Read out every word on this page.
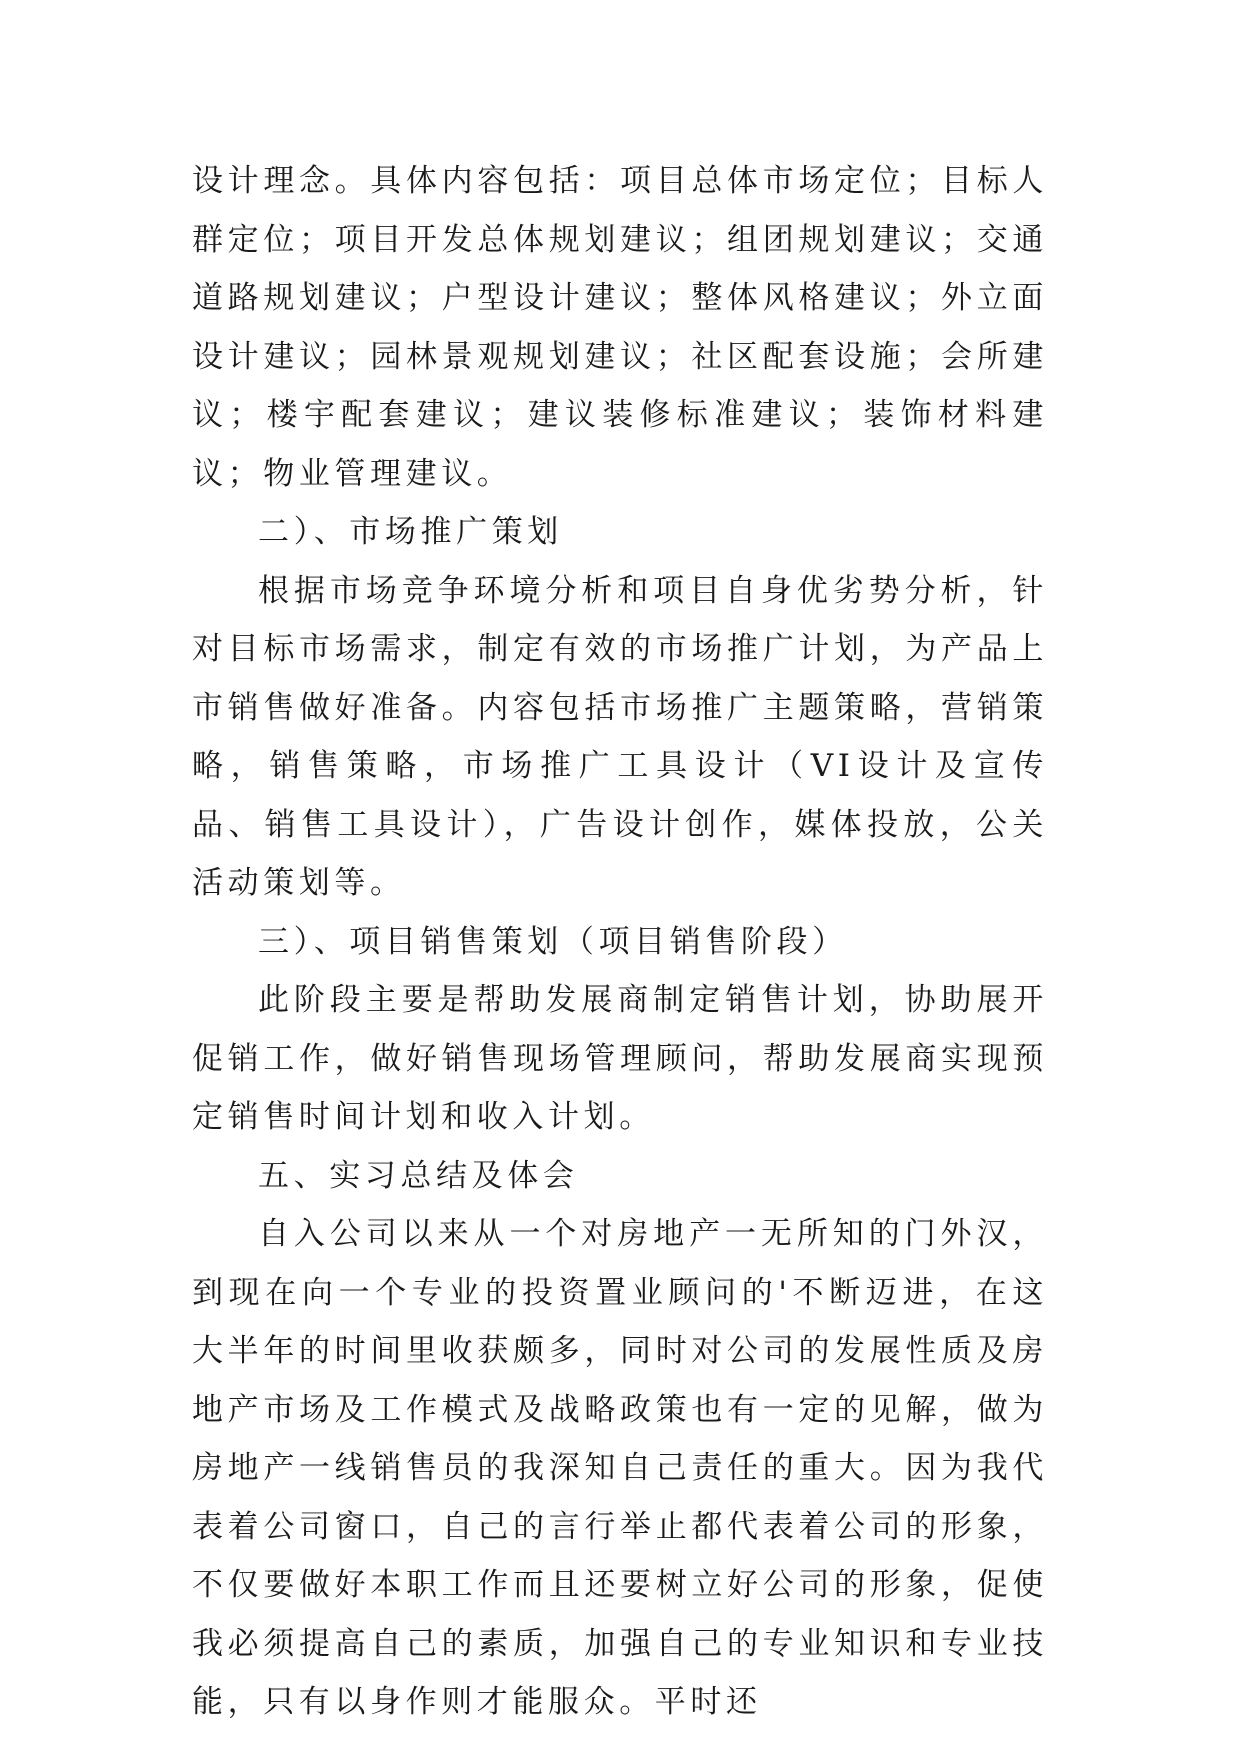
设计理念。具体内容包括：项目总体市场定位；目标人群定位；项目开发总体规划建议；组团规划建议；交通道路规划建议；户型设计建议；整体风格建议；外立面设计建议；园林景观规划建议；社区配套设施；会所建议；楼宇配套建议；建议装修标准建议；装饰材料建议；物业管理建议。

二）、市场推广策划

根据市场竞争环境分析和项目自身优劣势分析，针对目标市场需求，制定有效的市场推广计划，为产品上市销售做好准备。内容包括市场推广主题策略，营销策略，销售策略，市场推广工具设计（VI设计及宣传品、销售工具设计），广告设计创作，媒体投放，公关活动策划等。

三）、项目销售策划（项目销售阶段）

此阶段主要是帮助发展商制定销售计划，协助展开促销工作，做好销售现场管理顾问，帮助发展商实现预定销售时间计划和收入计划。

五、实习总结及体会

自入公司以来从一个对房地产一无所知的门外汉，到现在向一个专业的投资置业顾问的'不断迈进，在这大半年的时间里收获颇多，同时对公司的发展性质及房地产市场及工作模式及战略政策也有一定的见解，做为房地产一线销售员的我深知自己责任的重大。因为我代表着公司窗口，自己的言行举止都代表着公司的形象，不仅要做好本职工作而且还要树立好公司的形象，促使我必须提高自己的素质，加强自己的专业知识和专业技能，只有以身作则才能服众。平时还
